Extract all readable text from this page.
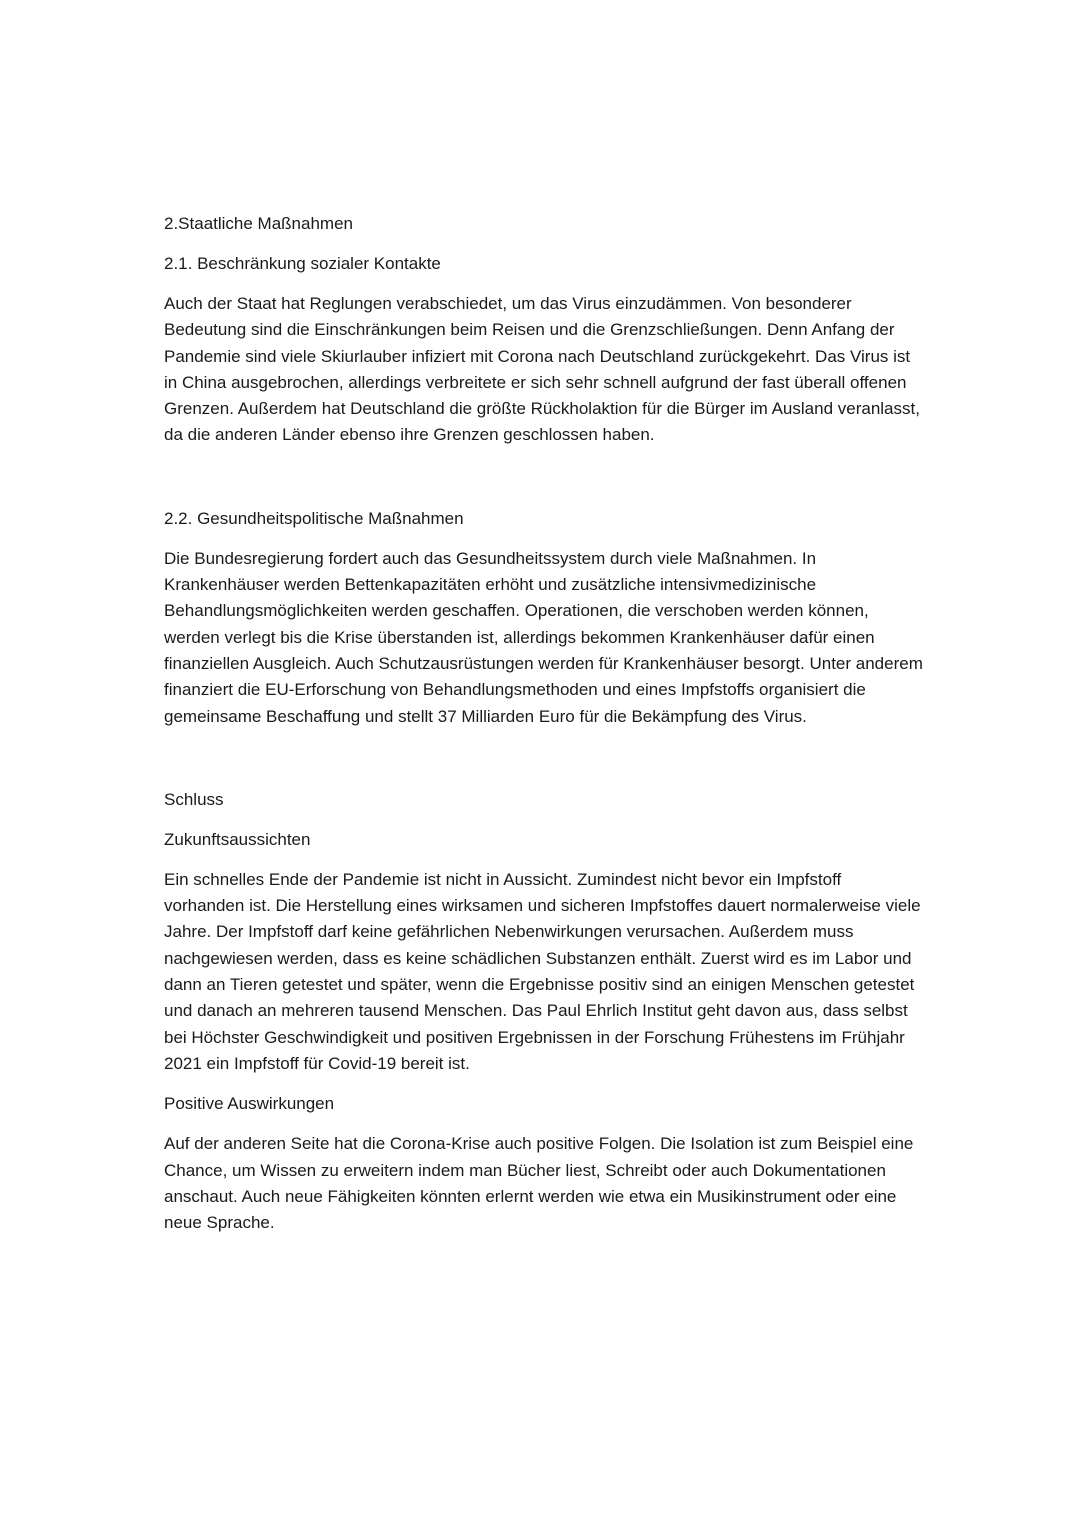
2.Staatliche Maßnahmen

2.1. Beschränkung sozialer Kontakte

Auch der Staat hat Reglungen verabschiedet, um das Virus einzudämmen. Von besonderer Bedeutung sind die Einschränkungen beim Reisen und die Grenzschließungen. Denn Anfang der Pandemie sind viele Skiurlauber infiziert mit Corona nach Deutschland zurückgekehrt. Das Virus ist in China ausgebrochen, allerdings verbreitete er sich sehr schnell aufgrund der fast überall offenen Grenzen. Außerdem hat Deutschland die größte Rückholaktion für die Bürger im Ausland veranlasst, da die anderen Länder ebenso ihre Grenzen geschlossen haben.

2.2. Gesundheitspolitische Maßnahmen

Die Bundesregierung fordert auch das Gesundheitssystem durch viele Maßnahmen. In Krankenhäuser werden Bettenkapazitäten erhöht und zusätzliche intensivmedizinische Behandlungsmöglichkeiten werden geschaffen. Operationen, die verschoben werden können, werden verlegt bis die Krise überstanden ist, allerdings bekommen Krankenhäuser dafür einen finanziellen Ausgleich. Auch Schutzausrüstungen werden für Krankenhäuser besorgt. Unter anderem finanziert die EU-Erforschung von Behandlungsmethoden und eines Impfstoffs organisiert die gemeinsame Beschaffung und stellt 37 Milliarden Euro für die Bekämpfung des Virus.

Schluss

Zukunftsaussichten

Ein schnelles Ende der Pandemie ist nicht in Aussicht. Zumindest nicht bevor ein Impfstoff vorhanden ist. Die Herstellung eines wirksamen und sicheren Impfstoffes dauert normalerweise viele Jahre. Der Impfstoff darf keine gefährlichen Nebenwirkungen verursachen. Außerdem muss nachgewiesen werden, dass es keine schädlichen Substanzen enthält. Zuerst wird es im Labor und dann an Tieren getestet und später, wenn die Ergebnisse positiv sind an einigen Menschen getestet und danach an mehreren tausend Menschen. Das Paul Ehrlich Institut geht davon aus, dass selbst bei Höchster Geschwindigkeit und positiven Ergebnissen in der Forschung Frühestens im Frühjahr 2021 ein Impfstoff für Covid-19 bereit ist.

Positive Auswirkungen

Auf der anderen Seite hat die Corona-Krise auch positive Folgen. Die Isolation ist zum Beispiel eine Chance, um Wissen zu erweitern indem man Bücher liest, Schreibt oder auch Dokumentationen anschaut. Auch neue Fähigkeiten könnten erlernt werden wie etwa ein Musikinstrument oder eine neue Sprache.
